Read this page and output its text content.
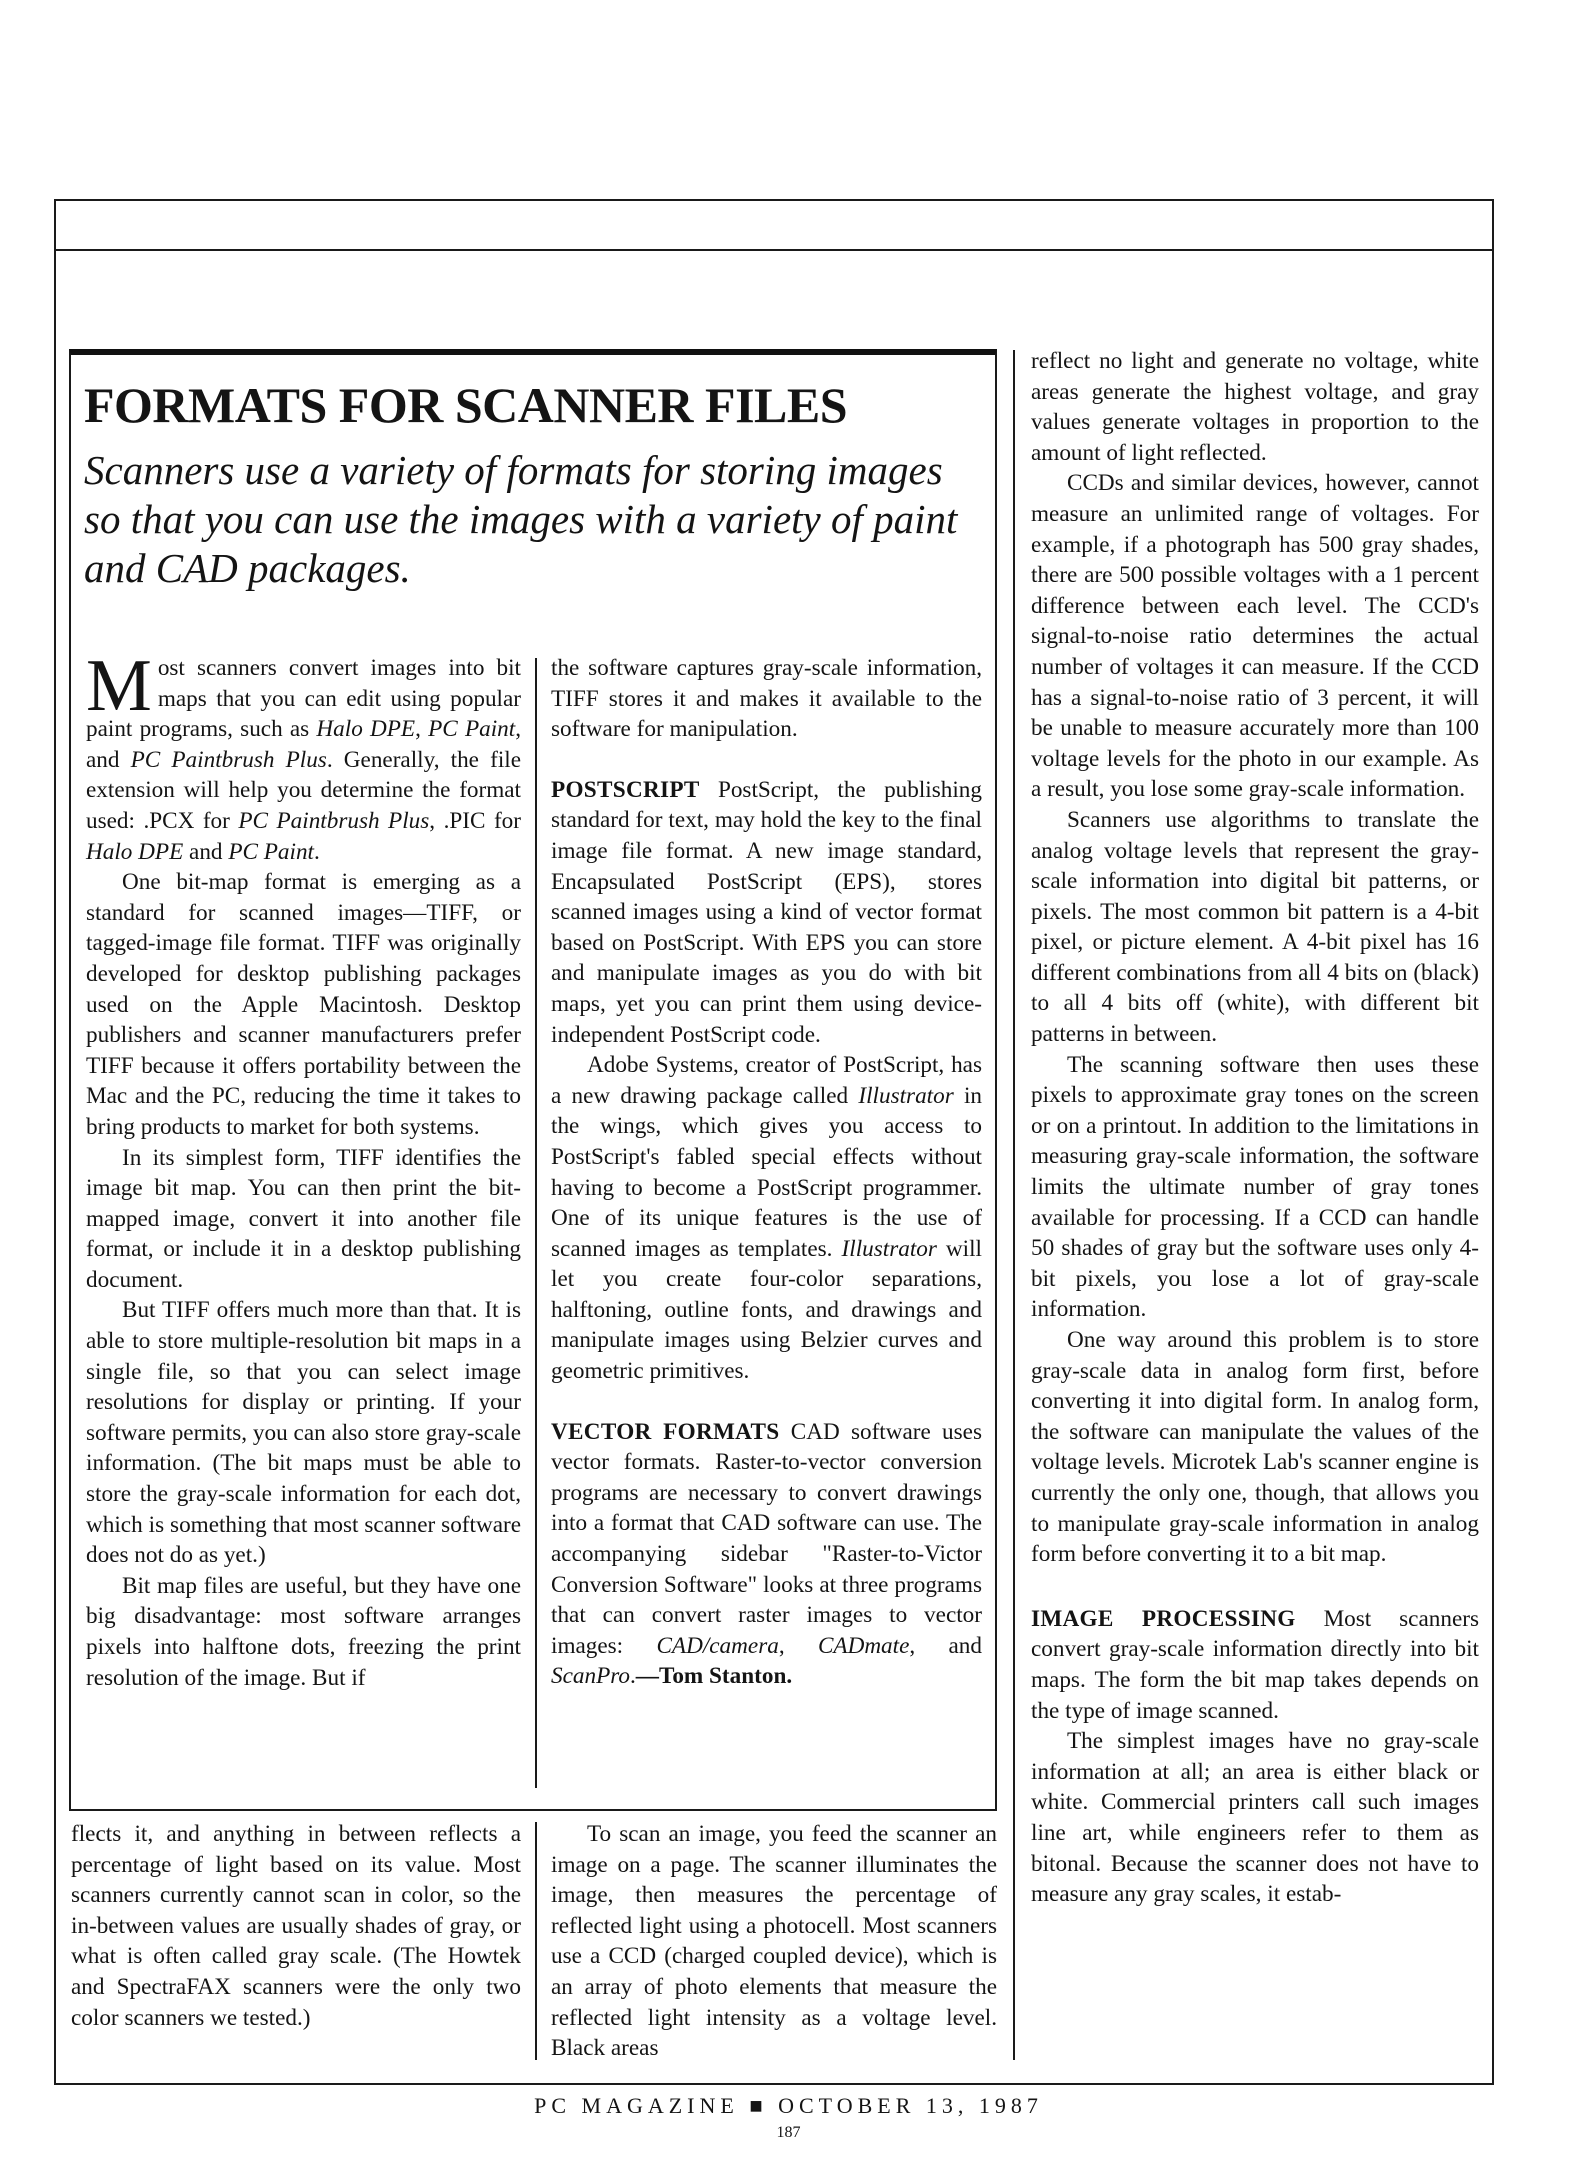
FORMATS FOR SCANNER FILES

Scanners use a variety of formats for storing images so that you can use the images with a variety of paint and CAD packages.

Most scanners convert images into bit maps that you can edit using popular paint programs, such as Halo DPE, PC Paint, and PC Paintbrush Plus. Generally, the file extension will help you determine the format used: .PCX for PC Paintbrush Plus, .PIC for Halo DPE and PC Paint.

One bit-map format is emerging as a standard for scanned images—TIFF, or tagged-image file format. TIFF was originally developed for desktop publishing packages used on the Apple Macintosh. Desktop publishers and scanner manufacturers prefer TIFF because it offers portability between the Mac and the PC, reducing the time it takes to bring products to market for both systems.

In its simplest form, TIFF identifies the image bit map. You can then print the bit-mapped image, convert it into another file format, or include it in a desktop publishing document.

But TIFF offers much more than that. It is able to store multiple-resolution bit maps in a single file, so that you can select image resolutions for display or printing. If your software permits, you can also store gray-scale information. (The bit maps must be able to store the gray-scale information for each dot, which is something that most scanner software does not do as yet.)

Bit map files are useful, but they have one big disadvantage: most software arranges pixels into halftone dots, freezing the print resolution of the image. But if

the software captures gray-scale information, TIFF stores it and makes it available to the software for manipulation.

POSTSCRIPT PostScript, the publishing standard for text, may hold the key to the final image file format. A new image standard, Encapsulated PostScript (EPS), stores scanned images using a kind of vector format based on PostScript. With EPS you can store and manipulate images as you do with bit maps, yet you can print them using device-independent PostScript code.

Adobe Systems, creator of PostScript, has a new drawing package called Illustrator in the wings, which gives you access to PostScript's fabled special effects without having to become a PostScript programmer. One of its unique features is the use of scanned images as templates. Illustrator will let you create four-color separations, halftoning, outline fonts, and drawings and manipulate images using Belzier curves and geometric primitives.

VECTOR FORMATS CAD software uses vector formats. Raster-to-vector conversion programs are necessary to convert drawings into a format that CAD software can use. The accompanying sidebar "Raster-to-Victor Conversion Software" looks at three programs that can convert raster images to vector images: CAD/camera, CADmate, and ScanPro.—Tom Stanton.

flects it, and anything in between reflects a percentage of light based on its value. Most scanners currently cannot scan in color, so the in-between values are usually shades of gray, or what is often called gray scale. (The Howtek and SpectraFAX scanners were the only two color scanners we tested.)

To scan an image, you feed the scanner an image on a page. The scanner illuminates the image, then measures the percentage of reflected light using a photocell. Most scanners use a CCD (charged coupled device), which is an array of photo elements that measure the reflected light intensity as a voltage level. Black areas

reflect no light and generate no voltage, white areas generate the highest voltage, and gray values generate voltages in proportion to the amount of light reflected.

CCDs and similar devices, however, cannot measure an unlimited range of voltages. For example, if a photograph has 500 gray shades, there are 500 possible voltages with a 1 percent difference between each level. The CCD's signal-to-noise ratio determines the actual number of voltages it can measure. If the CCD has a signal-to-noise ratio of 3 percent, it will be unable to measure accurately more than 100 voltage levels for the photo in our example. As a result, you lose some gray-scale information.

Scanners use algorithms to translate the analog voltage levels that represent the gray-scale information into digital bit patterns, or pixels. The most common bit pattern is a 4-bit pixel, or picture element. A 4-bit pixel has 16 different combinations from all 4 bits on (black) to all 4 bits off (white), with different bit patterns in between.

The scanning software then uses these pixels to approximate gray tones on the screen or on a printout. In addition to the limitations in measuring gray-scale information, the software limits the ultimate number of gray tones available for processing. If a CCD can handle 50 shades of gray but the software uses only 4-bit pixels, you lose a lot of gray-scale information.

One way around this problem is to store gray-scale data in analog form first, before converting it into digital form. In analog form, the software can manipulate the values of the voltage levels. Microtek Lab's scanner engine is currently the only one, though, that allows you to manipulate gray-scale information in analog form before converting it to a bit map.

IMAGE PROCESSING Most scanners convert gray-scale information directly into bit maps. The form the bit map takes depends on the type of image scanned.

The simplest images have no gray-scale information at all; an area is either black or white. Commercial printers call such images line art, while engineers refer to them as bitonal. Because the scanner does not have to measure any gray scales, it estab-

PC MAGAZINE ■ OCTOBER 13, 1987

187
